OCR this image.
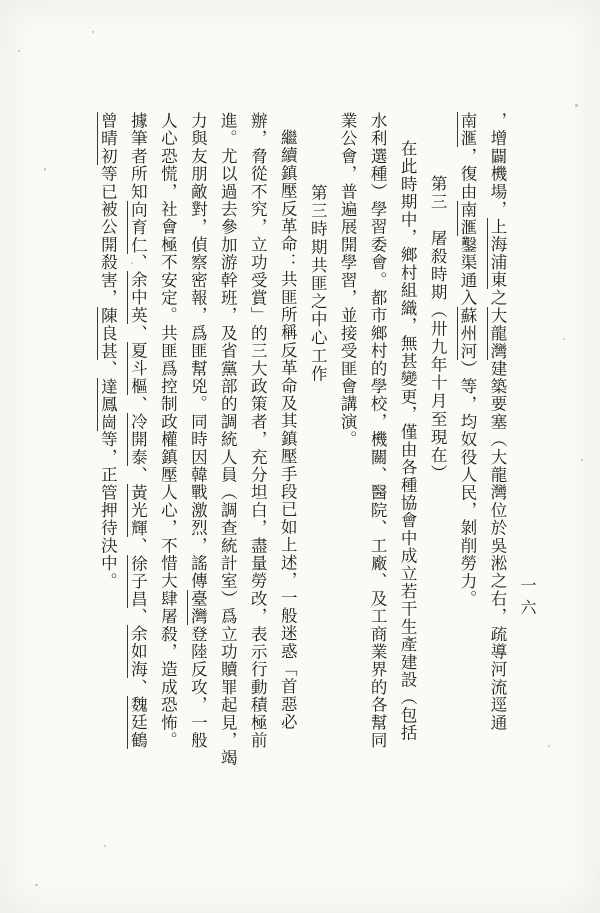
，增闢機場，上海浦東之大龍灣建築要塞（大龍灣位於吳淞之右，疏導河流逕通
南滙，復由南滙鑿渠通入蘇州河）等，均奴役人民，剝削勞力。
第三　屠殺時期（卅九年十月至現在）
在此時期中，鄉村組織，無甚變更，僅由各種協會中成立若干生產建設（包括
水利選種）學習委會。都市鄉村的學校，機關、醫院、工廠、及工商業界的各幫同
業公會，普遍展開學習，並接受匪會講演。
第三時期共匪之中心工作
繼續鎮壓反革命：共匪所稱反革命及其鎮壓手段已如上述，一般迷惑「首惡必
辦，脅從不究，立功受賞」的三大政策者，充分坦白，盡量勞改，表示行動積極前
進。尤以過去參加游幹班，及省黨部的調統人員（調查統計室）爲立功贖罪起見，竭
力與友朋敵對，偵察密報，爲匪幫兇。同時因韓戰激烈，謠傳臺灣登陸反攻，一般
人心恐慌，社會極不安定。共匪爲控制政權鎮壓人心，不惜大肆屠殺，造成恐怖。
據筆者所知向育仁、余中英、夏斗樞、冷開泰、黃光輝、徐子昌、余如海、魏廷鶴
曾晴初等已被公開殺害，陳良甚、達鳳崗等，正管押待決中。
一六
